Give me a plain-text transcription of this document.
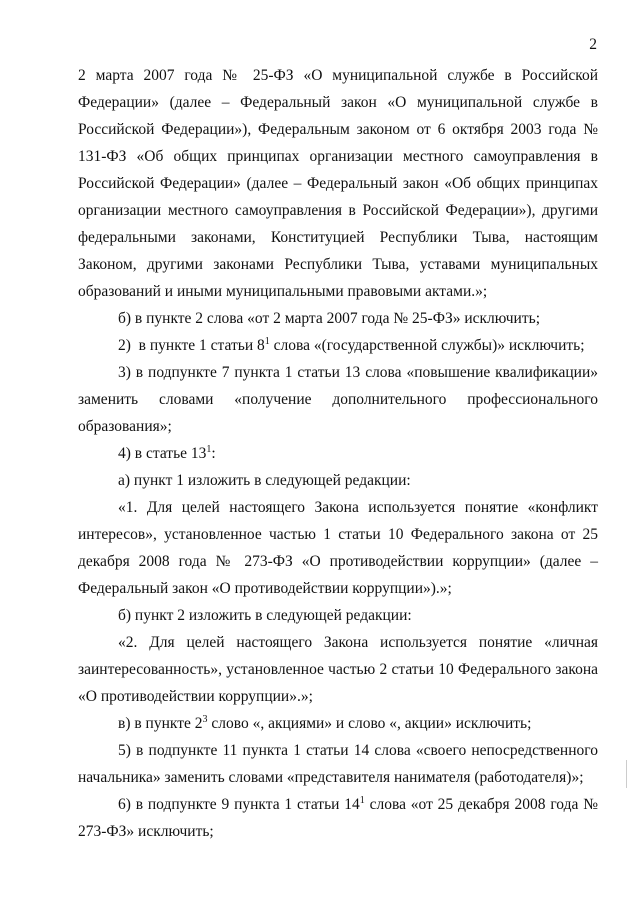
2

2 марта 2007 года № 25-ФЗ «О муниципальной службе в Российской Федерации» (далее – Федеральный закон «О муниципальной службе в Российской Федерации»), Федеральным законом от 6 октября 2003 года № 131-ФЗ «Об общих принципах организации местного самоуправления в Российской Федерации» (далее – Федеральный закон «Об общих принципах организации местного самоуправления в Российской Федерации»), другими федеральными законами, Конституцией Республики Тыва, настоящим Законом, другими законами Республики Тыва, уставами муниципальных образований и иными муниципальными правовыми актами.»;

б) в пункте 2 слова «от 2 марта 2007 года № 25-ФЗ» исключить;

2)  в пункте 1 статьи $8^1$ слова «(государственной службы)» исключить;

3) в подпункте 7 пункта 1 статьи 13 слова «повышение квалификации» заменить словами «получение дополнительного профессионального образования»;

4) в статье $13^1$:

а) пункт 1 изложить в следующей редакции:

«1. Для целей настоящего Закона используется понятие «конфликт интересов», установленное частью 1 статьи 10 Федерального закона от 25 декабря 2008 года № 273-ФЗ «О противодействии коррупции» (далее – Федеральный закон «О противодействии коррупции»).»;

б) пункт 2 изложить в следующей редакции:

«2. Для целей настоящего Закона используется понятие «личная заинтересованность», установленное частью 2 статьи 10 Федерального закона «О противодействии коррупции».»;

в) в пункте $2^3$ слово «, акциями» и слово «, акции» исключить;

5) в подпункте 11 пункта 1 статьи 14 слова «своего непосредственного начальника» заменить словами «представителя нанимателя (работодателя)»;

6) в подпункте 9 пункта 1 статьи $14^1$ слова «от 25 декабря 2008 года № 273-ФЗ» исключить;
